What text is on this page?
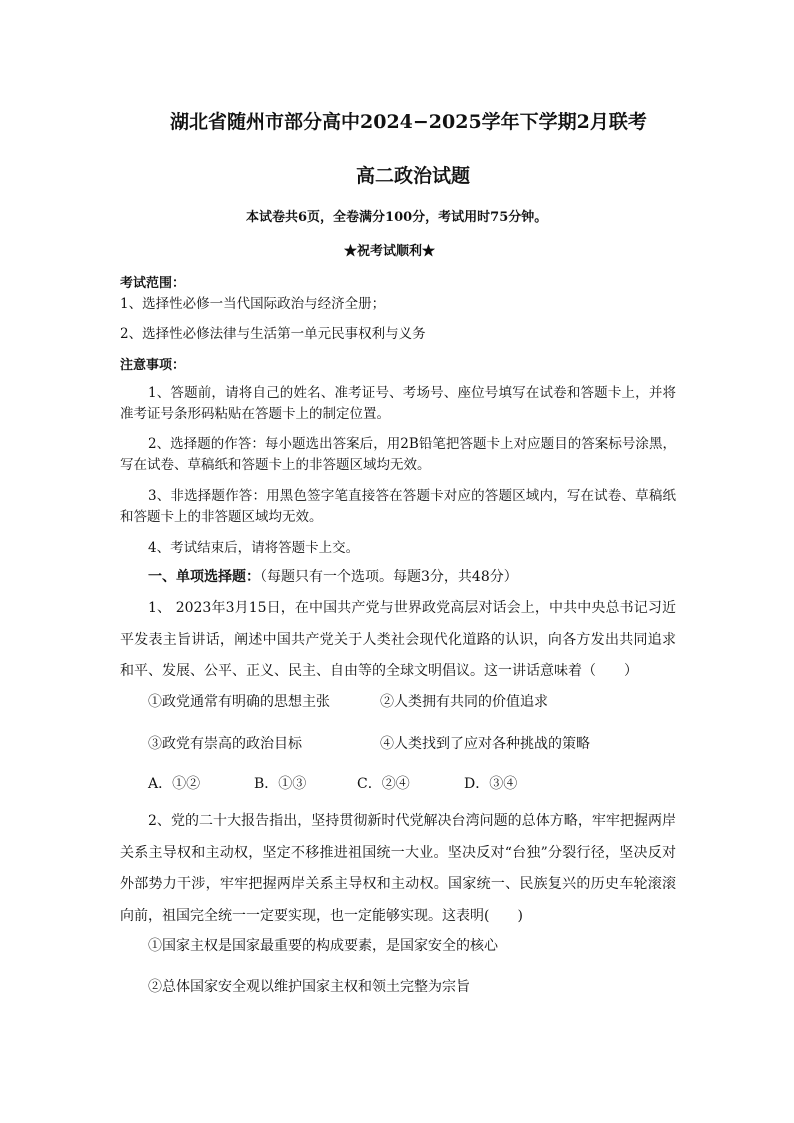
湖北省随州市部分高中2024−2025学年下学期2月联考
高二政治试题
本试卷共6页，全卷满分100分，考试用时75分钟。
★祝考试顺利★
考试范围：
1、选择性必修一当代国际政治与经济全册；
2、选择性必修法律与生活第一单元民事权利与义务
注意事项：
1、答题前，请将自己的姓名、准考证号、考场号、座位号填写在试卷和答题卡上，并将准考证号条形码粘贴在答题卡上的制定位置。
2、选择题的作答：每小题选出答案后，用2B铅笔把答题卡上对应题目的答案标号涂黑，写在试卷、草稿纸和答题卡上的非答题区域均无效。
3、非选择题作答：用黑色签字笔直接答在答题卡对应的答题区域内，写在试卷、草稿纸和答题卡上的非答题区域均无效。
4、考试结束后，请将答题卡上交。
一、单项选择题：（每题只有一个选项。每题3分，共48分）
1、 2023年3月15日，在中国共产党与世界政党高层对话会上，中共中央总书记习近平发表主旨讲话，阐述中国共产党关于人类社会现代化道路的认识，向各方发出共同追求和平、发展、公平、正义、民主、自由等的全球文明倡议。这一讲话意味着（　　）
①政党通常有明确的思想主张	②人类拥有共同的价值追求
③政党有崇高的政治目标	④人类找到了应对各种挑战的策略
A．①②	B．①③	C．②④	D．③④
2、党的二十大报告指出，坚持贯彻新时代党解决台湾问题的总体方略，牢牢把握两岸关系主导权和主动权，坚定不移推进祖国统一大业。坚决反对“台独”分裂行径，坚决反对外部势力干涉，牢牢把握两岸关系主导权和主动权。国家统一、民族复兴的历史车轮滚滚向前，祖国完全统一一定要实现，也一定能够实现。这表明(　　)
①国家主权是国家最重要的构成要素，是国家安全的核心
②总体国家安全观以维护国家主权和领土完整为宗旨
